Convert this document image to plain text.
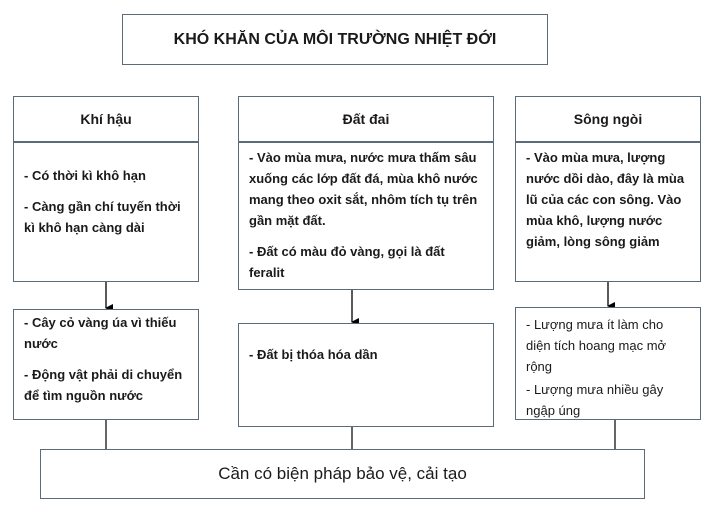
KHÓ KHĂN CỦA MÔI TRƯỜNG NHIỆT ĐỚI
Khí hậu

- Có thời kì khô hạn

- Càng gần chí tuyến thời kì khô hạn càng dài

- Cây cỏ vàng úa vì thiếu nước

- Động vật phải di chuyển để tìm nguồn nước

Đất đai

- Vào mùa mưa, nước mưa thấm sâu xuống các lớp đất đá, mùa khô nước mang theo oxit sắt, nhôm tích tụ trên gần mặt đất.

- Đất có màu đỏ vàng, gọi là đất feralit

- Đất bị thóa hóa dần

Sông ngòi

- Vào mùa mưa, lượng nước dồi dào, đây là mùa lũ của các con sông. Vào mùa khô, lượng nước giảm, lòng sông giảm

- Lượng mưa ít làm cho diện tích hoang mạc mở rộng

- Lượng mưa nhiều gây ngập úng

Cần có biện pháp bảo vệ, cải tạo
